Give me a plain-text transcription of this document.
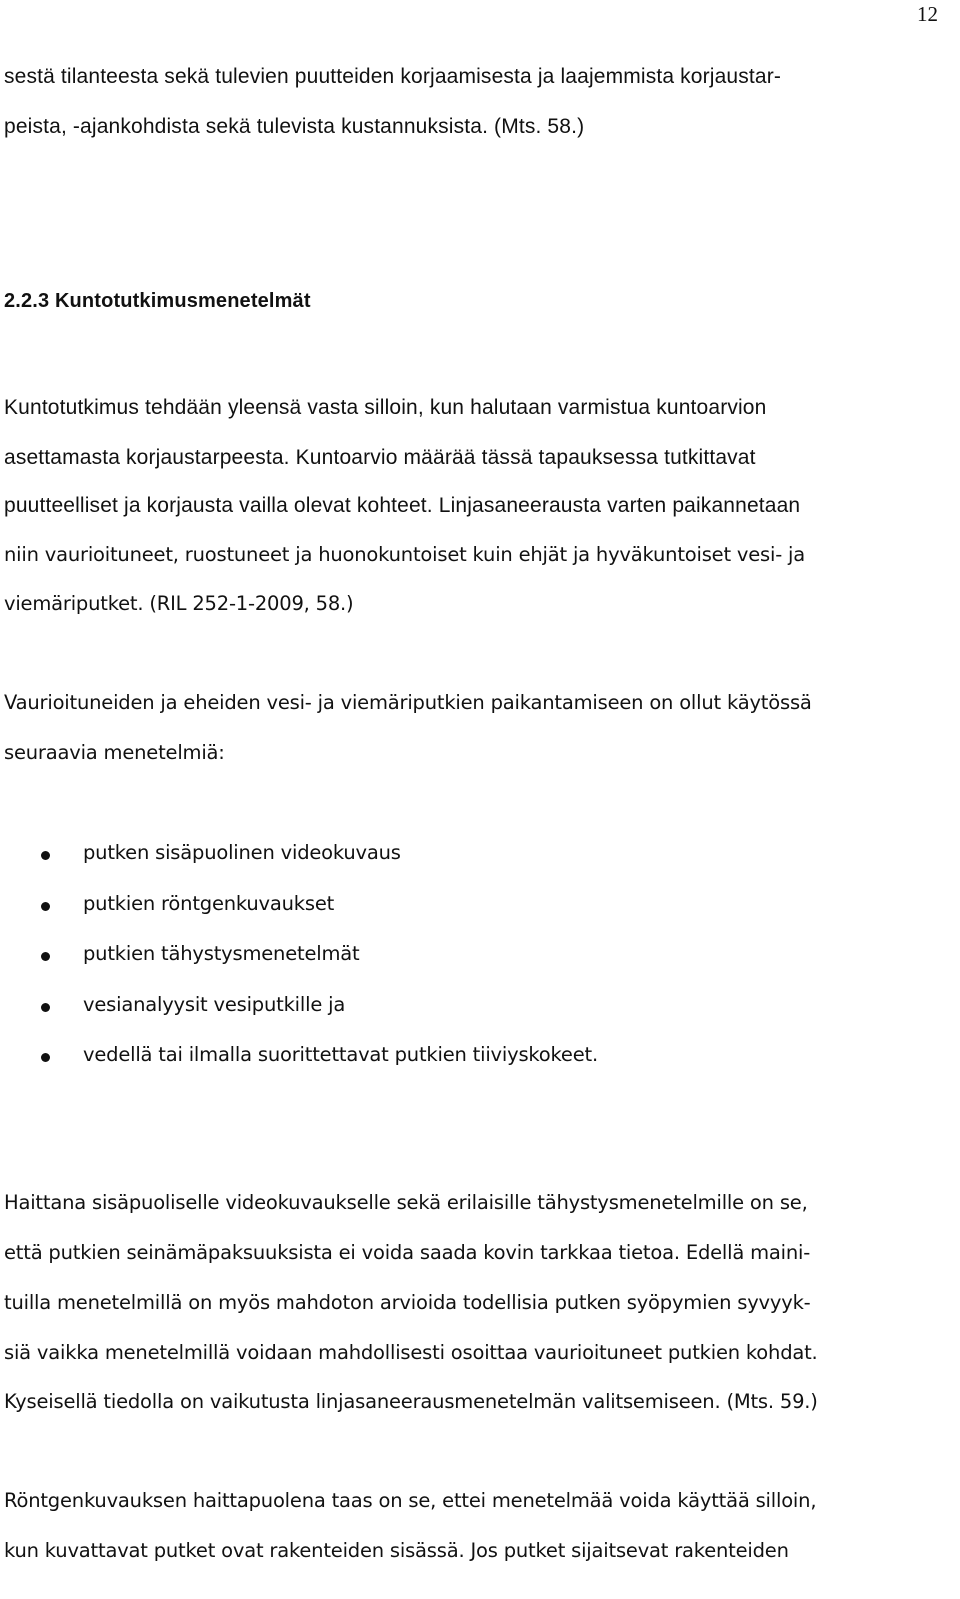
12
sestä tilanteesta sekä tulevien puutteiden korjaamisesta ja laajemmista korjaustar-
peista, -ajankohdista sekä tulevista kustannuksista. (Mts. 58.)
2.2.3 Kuntotutkimusmenetelmät
Kuntotutkimus tehdään yleensä vasta silloin, kun halutaan varmistua kuntoarvion
asettamasta korjaustarpeesta. Kuntoarvio määrää tässä tapauksessa tutkittavat
puutteelliset ja korjausta vailla olevat kohteet. Linjasaneerausta varten paikannetaan
niin vaurioituneet, ruostuneet ja huonokuntoiset kuin ehjät ja hyväkuntoiset vesi- ja
viemäriputket. (RIL 252-1-2009, 58.)
Vaurioituneiden ja eheiden vesi- ja viemäriputkien paikantamiseen on ollut käytössä
seuraavia menetelmiä:
putken sisäpuolinen videokuvaus
putkien röntgenkuvaukset
putkien tähystysmenetelmät
vesianalyysit vesiputkille ja
vedellä tai ilmalla suorittettavat putkien tiiviyskokeet.
Haittana sisäpuoliselle videokuvaukselle sekä erilaisille tähystysmenetelmille on se,
että putkien seinämäpaksuuksista ei voida saada kovin tarkkaa tietoa. Edellä maini-
tuilla menetelmillä on myös mahdoton arvioida todellisia putken syöpymien syvyyk-
siä vaikka menetelmillä voidaan mahdollisesti osoittaa vaurioituneet putkien kohdat.
Kyseisellä tiedolla on vaikutusta linjasaneerausmenetelmän valitsemiseen. (Mts. 59.)
Röntgenkuvauksen haittapuolena taas on se, ettei menetelmää voida käyttää silloin,
kun kuvattavat putket ovat rakenteiden sisässä. Jos putket sijaitsevat rakenteiden
